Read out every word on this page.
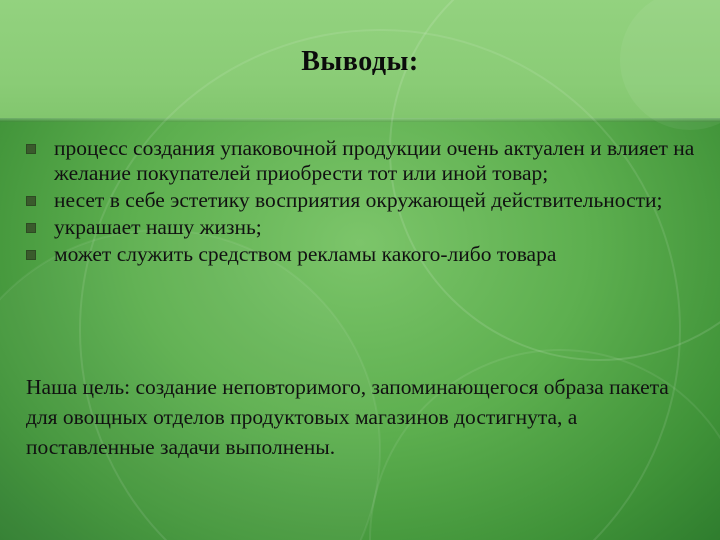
Выводы:
процесс создания упаковочной продукции очень актуален и влияет на желание покупателей приобрести тот или иной товар;
несет в себе эстетику восприятия окружающей действительности;
украшает нашу жизнь;
может служить средством рекламы какого-либо товара

Наша цель: создание неповторимого, запоминающегося образа пакета для овощных отделов продуктовых магазинов достигнута, а поставленные задачи выполнены.
